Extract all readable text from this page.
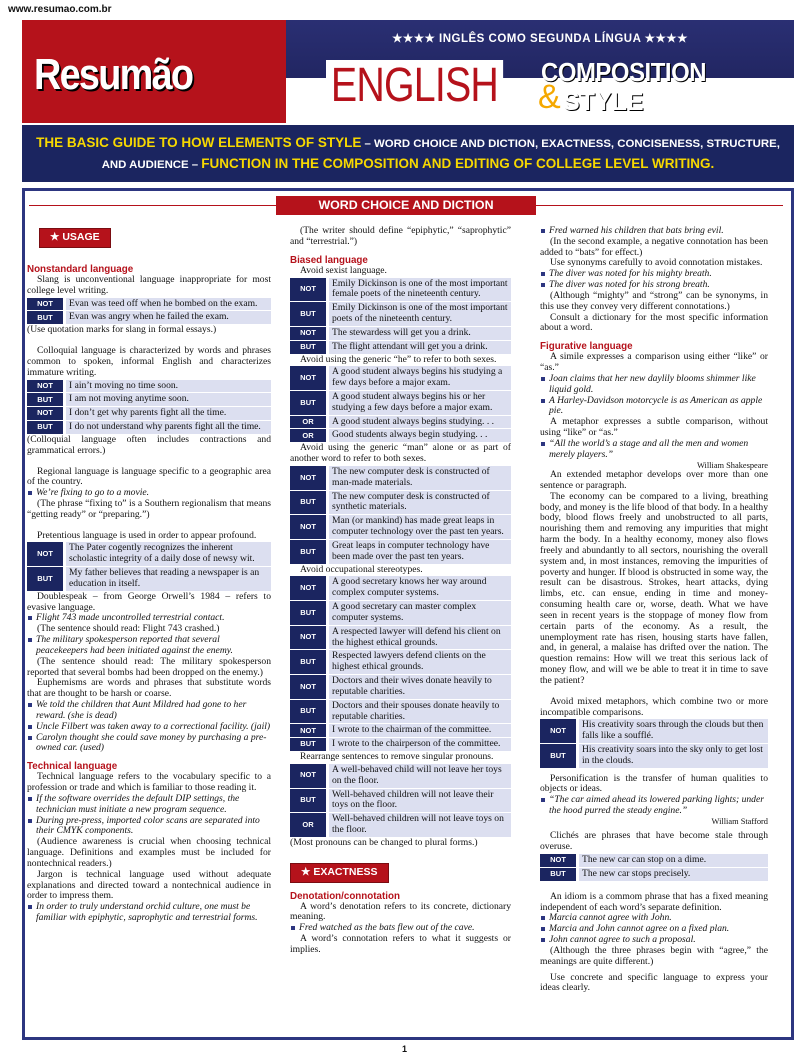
www.resumao.com.br
Resumão
★★★★ INGLÊS COMO SEGUNDA LÍNGUA ★★★★
ENGLISH COMPOSITION
& STYLE
THE BASIC GUIDE TO HOW ELEMENTS OF STYLE – WORD CHOICE AND DICTION, EXACTNESS, CONCISENESS, STRUCTURE, AND AUDIENCE – FUNCTION IN THE COMPOSITION AND EDITING OF COLLEGE LEVEL WRITING.
WORD CHOICE AND DICTION
★ USAGE
Nonstandard language

Slang is unconventional language inappropriate for most college level writing.

NOT	Evan was teed off when he bombed on the exam.
BUT	Evan was angry when he failed the exam.

(Use quotation marks for slang in formal essays.)

Colloquial language is characterized by words and phrases common to spoken, informal English and characterizes immature writing.

NOT	I ain’t moving no time soon.
BUT	I am not moving anytime soon.
NOT	I don’t get why parents fight all the time.
BUT	I do not understand why parents fight all the time.

(Colloquial language often includes contractions and grammatical errors.)

Regional language is language specific to a geographic area of the country.

We’re fixing to go to a movie.

(The phrase “fixing to” is a Southern regionalism that means “getting ready” or “preparing.”)

Pretentious language is used in order to appear profound.

NOT
The Pater cogently recognizes the inherent scholastic integrity of a daily dose of newsy wit.
BUT
My father believes that reading a newspaper is an education in itself.

Doublespeak – from George Orwell’s 1984 – refers to evasive language.

Flight 743 made uncontrolled terrestrial contact.

(The sentence should read: Flight 743 crashed.)

The military spokesperson reported that several peacekeepers had been initiated against the enemy.

(The sentence should read: The military spokesperson reported that several bombs had been dropped on the enemy.)

Euphemisms are words and phrases that substitute words that are thought to be harsh or coarse.

We told the children that Aunt Mildred had gone to her reward. (she is dead)
Uncle Filbert was taken away to a correctional facility. (jail)
Carolyn thought she could save money by purchasing a pre-owned car. (used)
Technical language

Technical language refers to the vocabulary specific to a profession or trade and which is familiar to those reading it.

If the software overrides the default DIP settings, the technician must initiate a new program sequence.
During pre-press, imported color scans are separated into their CMYK components.

(Audience awareness is crucial when choosing technical language. Definitions and examples must be included for nontechnical readers.)

Jargon is technical language used without adequate explanations and directed toward a nontechnical audience in order to impress them.

In order to truly understand orchid culture, one must be familiar with epiphytic, saprophytic and terrestrial forms.

(The writer should define “epiphytic,” “saprophytic” and “terrestrial.”)

Biased language

Avoid sexist language.

NOT
Emily Dickinson is one of the most important female poets of the nineteenth century.
BUT
Emily Dickinson is one of the most important poets of the nineteenth century.
NOT	The stewardess will get you a drink.
BUT	The flight attendant will get you a drink.

Avoid using the generic “he” to refer to both sexes.

NOT
A good student always begins his studying a few days before a major exam.
BUT
A good student always begins his or her studying a few days before a major exam.
OR	A good student always begins studying. . .
OR	Good students always begin studying. . .

Avoid using the generic “man” alone or as part of another word to refer to both sexes.

NOT
The new computer desk is constructed of man-made materials.
BUT
The new computer desk is constructed of synthetic materials.
NOT
Man (or mankind) has made great leaps in computer technology over the past ten years.
BUT
Great leaps in computer technology have been made over the past ten years.

Avoid occupational stereotypes.

NOT
A good secretary knows her way around complex computer systems.
BUT
A good secretary can master complex computer systems.
NOT
A respected lawyer will defend his client on the highest ethical grounds.
BUT
Respected lawyers defend clients on the highest ethical grounds.
NOT
Doctors and their wives donate heavily to reputable charities.
BUT
Doctors and their spouses donate heavily to reputable charities.
NOT	I wrote to the chairman of the committee.
BUT	I wrote to the chairperson of the committee.

Rearrange sentences to remove singular pronouns.

NOT
A well-behaved child will not leave her toys on the floor.
BUT
Well-behaved children will not leave their toys on the floor.
OR
Well-behaved children will not leave toys on the floor.

(Most pronouns can be changed to plural forms.)

★ EXACTNESS
Denotation/connotation

A word’s denotation refers to its concrete, dictionary meaning.

Fred watched as the bats flew out of the cave.

A word’s connotation refers to what it suggests or implies.

Fred warned his children that bats bring evil.

(In the second example, a negative connotation has been added to “bats” for effect.)

Use synonyms carefully to avoid connotation mistakes.

The diver was noted for his mighty breath.
The diver was noted for his strong breath.

(Although “mighty” and “strong” can be synonyms, in this use they convey very different connotations.)

Consult a dictionary for the most specific information about a word.

Figurative language

A simile expresses a comparison using either “like” or “as.”

Joan claims that her new daylily blooms shimmer like liquid gold.
A Harley-Davidson motorcycle is as American as apple pie.

A metaphor expresses a subtle comparison, without using “like” or “as.”

“All the world’s a stage and all the men and women merely players.”
William Shakespeare

An extended metaphor develops over more than one sentence or paragraph.

The economy can be compared to a living, breathing body, and money is the life blood of that body. In a healthy body, blood flows freely and unobstructed to all parts, nourishing them and removing any impurities that might harm the body. In a healthy economy, money also flows freely and abundantly to all sectors, nourishing the overall system and, in most instances, removing the impurities of poverty and hunger. If blood is obstructed in some way, the result can be disastrous. Strokes, heart attacks, dying limbs, etc. can ensue, ending in time and money-consuming health care or, worse, death. What we have seen in recent years is the stoppage of money flow from certain parts of the economy. As a result, the unemployment rate has risen, housing starts have fallen, and, in general, a malaise has drifted over the nation. The question remains: How will we treat this serious lack of money flow, and will we be able to treat it in time to save the patient?

Avoid mixed metaphors, which combine two or more incompatible comparisons.

NOT
His creativity soars through the clouds but then falls like a soufflé.
BUT
His creativity soars into the sky only to get lost in the clouds.

Personification is the transfer of human qualities to objects or ideas.

“The car aimed ahead its lowered parking lights; under the hood purred the steady engine.”
William Stafford

Clichés are phrases that have become stale through overuse.

NOT	The new car can stop on a dime.
BUT	The new car stops precisely.

An idiom is a commom phrase that has a fixed meaning independent of each word’s separate definition.

Marcia cannot agree with John.
Marcia and John cannot agree on a fixed plan.
John cannot agree to such a proposal.

(Although the three phrases begin with “agree,” the meanings are quite different.)

Use concrete and specific language to express your ideas clearly.

1
